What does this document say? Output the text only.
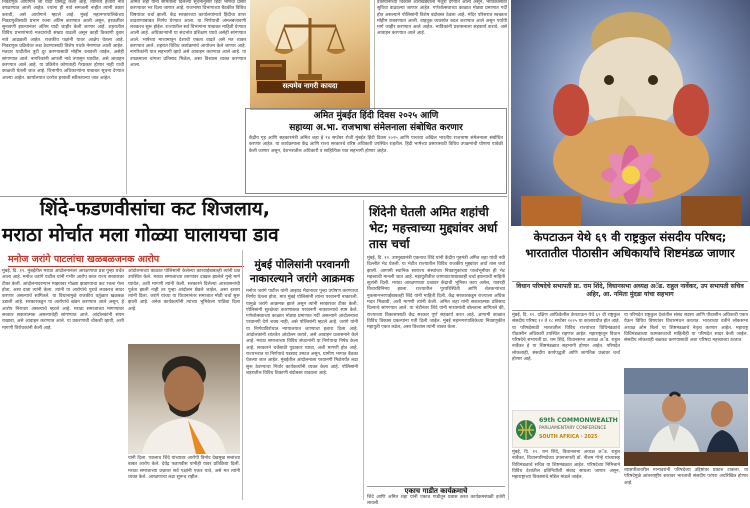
निवडणूक आयोगाने जी यादी प्रसिद्ध केली आहे, त्यामध्ये हजारो नावे वगळण्यात आली आहेत. ज्यांना ही नावे समजली नाहीत त्यांनी तक्रार करावी, असे आयोगाने म्हटले आहे. मुंबई महानगरपालिकेच्या निवडणुकीसाठी प्रभाग रचना अंतिम करण्यात आली असून, हरकतींवर सुनावणी झाल्यानंतर अंतिम यादी जाहीर केली जाणार आहे. शहरातील विविध प्रभागांमध्ये मतदारांची संख्या वाढली असून काही ठिकाणी दुबार नावे आढळली आहेत. राजकीय पक्षांनी यावर आक्षेप घेतला आहे. निवडणूक प्रक्रियेवर लक्ष ठेवण्यासाठी विशेष पथके नेमण्यात आली आहेत. मतदार यादीतील त्रुटी दूर करण्यासाठी मोहीम राबवली जाईल, असेही सांगण्यात आले. नागरिकांनी आपली नावे तपासून घ्यावीत, असे आवाहन करण्यात आले आहे. या प्रक्रियेत कोणताही गैरप्रकार होणार नाही याची काळजी घेतली जात आहे. विभागीय अधिकाऱ्यांना याबाबत सूचना देण्यात आल्या आहेत. कार्यालयात दररोज हरकती स्वीकारल्या जात आहेत.
अमित शहा यांनी समितीला दिलेल्या सूचनांनुसार हिंदी भाषेचा प्रसार करण्यावर भर दिला जाणार आहे. राजभाषा विभागाच्या बैठकीत विविध विषयांवर चर्चा झाली. केंद्र सरकारच्या कार्यालयांमध्ये हिंदीचा वापर वाढवण्याबाबत निर्णय घेण्यात आला. या निर्णयाची अंमलबजावणी लवकरच सुरू होईल. राज्यातील सर्व विभागांना याबाबत माहिती देण्यात आली आहे. अधिकाऱ्यांनी या संदर्भात प्रशिक्षण घ्यावे असेही सांगण्यात आले. भाषेच्या माध्यमातून देशाची एकता वाढते असे मत व्यक्त करण्यात आले. शहरात विविध कार्यक्रमांचे आयोजन केले जाणार आहे. नागरिकांनी यात सहभागी व्हावे असे आवाहन करण्यात आले आहे. या उपक्रमाला चांगला प्रतिसाद मिळेल, असा विश्वास व्यक्त करण्यात आला.
सत्यमेव नागरी कायदा
देवस्थानाच्या विकास आराखड्याला मंजुरी देण्यात आली असून, भाविकांसाठी सुविधा वाढवल्या जाणार आहेत. गणेशोत्सवाच्या काळात मोठ्या प्रमाणात गर्दी होत असल्याने पोलिसांनी विशेष बंदोबस्त ठेवला आहे. मंदिर परिसरात स्वच्छता मोहीम राबवण्यात आली. वाहतूक व्यवस्थेत बदल करण्यात आले असून पर्यायी मार्ग जाहीर करण्यात आले आहेत. भाविकांनी प्रशासनाला सहकार्य करावे, असे आवाहन करण्यात आले आहे.
अमित मुंबईत हिंदी दिवस २०२५ आणि
सहाय्या अ.भा. राजभाषा संमेलनाला संबोधित करणार
केंद्रीय गृह आणि सहकारमंत्री अमित शहा हे १४ सप्टेंबर रोजी मुंबईत हिंदी दिवस २०२५ आणि पाचव्या अखिल भारतीय राजभाषा संमेलनाला संबोधित करणार आहेत. या कार्यक्रमाला केंद्र आणि राज्य सरकारचे वरिष्ठ अधिकारी उपस्थित राहतील. हिंदी भाषेच्या प्रसारासाठी विविध उपक्रमांची घोषणा यावेळी केली जाणार असून, देशभरातील अधिकारी व साहित्यिक यात सहभागी होणार आहेत.
शिंदे-फडणवीसांचा कट शिजलाय,
मराठा मोर्चात मला गोळ्या घालायचा डाव
मनोज जरांगे पाटलांचा खळबळजनक आरोप
मुंबई, दि. १२. मुंबईतील मराठा आंदोलनानंतर आरक्षणाचा प्रश्न पुन्हा चर्चेत आला आहे. मनोज जरांगे पाटील यांनी गंभीर आरोप करत राज्य सरकारवर टीका केली. आंदोलनादरम्यान माझ्यावर गोळ्या झाडण्याचा कट रचला गेला होता, असा दावा त्यांनी केला. त्यांनी या आरोपांचे पुरावे लवकरच सादर करणार असल्याचे सांगितले. या विधानामुळे राजकीय वर्तुळात खळबळ उडाली आहे. सरकारकडून या आरोपांचे खंडन करण्यात आले असून, हे आरोप निराधार असल्याचे म्हटले आहे. मराठा समाजाच्या मागण्यांवर सरकार सकारात्मक असल्याचेही सांगण्यात आले. आंदोलकांनी संयम राखावा, असे आवाहन करण्यात आले. या प्रकरणाची चौकशी व्हावी, अशी मागणी विरोधकांनी केली आहे.
आंदोलनाच्या काळात पोलिसांनी केलेल्या कारवाईबाबतही त्यांनी प्रश्न उपस्थित केले. मराठा समाजाच्या तरुणांवर दाखल झालेले गुन्हे मागे घ्यावेत, अशी मागणी त्यांनी केली. सरकारने दिलेल्या आश्वासनांची पूर्तता झाली नाही तर पुन्हा आंदोलन छेडले जाईल, असा इशारा त्यांनी दिला. जरांगे यांच्या या विधानानंतर समाजात मोठी चर्चा सुरू झाली आहे. अनेक कार्यकर्त्यांनी त्यांच्या भूमिकेला पाठिंबा दिला आहे.
यांनी दिला. एकनाथ शिंदे यांच्यावर आरोपी विनोद देखमुख सत्तांच्या बाबत आरोप केले. देवेंद्र फडणवीस यांनीही यावर प्रतिक्रिया दिली. मराठा समाजाच्या प्रश्नावर सर्व पक्षांनी एकत्र यावे, असे मत त्यांनी व्यक्त केले. आरक्षणाचा लढा सुरूच राहील.
मुंबई पोलिसांनी परवानगी
नाकारल्याने जरांगे आक्रमक
मनोज जरांगे पाटील यांनी आझाद मैदानावर पुन्हा उपोषण करण्याचा निर्णय घेतला होता, मात्र मुंबई पोलिसांनी त्यांना परवानगी नाकारली. यामुळे जरांगे आक्रमक झाले असून त्यांनी सरकारवर टीका केली. पोलिसांनी सुरक्षेच्या कारणास्तव परवानगी नाकारल्याचे स्पष्ट केले. गणेशोत्सवाच्या काळात मोठ्या प्रमाणात गर्दी असल्याने आंदोलनाला परवानगी देणे शक्य नाही, असे पोलिसांनी म्हटले आहे. जरांगे यांनी या निर्णयाविरोधात न्यायालयात जाण्याचा इशारा दिला आहे. आंदोलकांनी शांततेत आंदोलन करावे, असे आवाहन प्रशासनाने केले आहे. मराठा समाजाच्या विविध संघटनांनी या निर्णयाचा निषेध केला आहे. सरकारने चर्चेसाठी पुढाकार घ्यावा, अशी मागणी होत आहे. राज्यभरात या निर्णयाचे पडसाद उमटत असून, ग्रामीण भागात बैठका घेतल्या जात आहेत. मुंबईतील आंदोलनाला परवानगी मिळेपर्यंत लढा सुरू ठेवण्याचा निर्धार कार्यकर्त्यांनी व्यक्त केला आहे. पोलिसांनी शहरातील विविध ठिकाणी बंदोबस्त वाढवला आहे.
शिंदेनी घेतली अमित शहांची भेट; महत्त्वाच्या मुद्द्यांवर अर्धा तास चर्चा
मुंबई, दि. १२. उपमुख्यमंत्री एकनाथ शिंदे यांनी केंद्रीय गृहमंत्री अमित शहा यांची नवी दिल्लीत भेट घेतली. या भेटीत राज्यातील विविध राजकीय मुद्द्यांवर अर्धा तास चर्चा झाली. आगामी स्थानिक स्वराज्य संस्थांच्या निवडणुकांच्या पार्श्वभूमीवर ही भेट महत्त्वाची मानली जात आहे. महायुतीतील जागावाटपाबाबतही चर्चा झाल्याची माहिती सूत्रांनी दिली. मराठा आरक्षणाच्या प्रश्नावर केंद्राची भूमिका काय असेल, यावरही विचारविनिमय झाला. राज्यातील पूरपरिस्थिती आणि शेतकऱ्यांच्या नुकसानभरपाईबाबतही शिंदे यांनी माहिती दिली. केंद्र सरकारकडून राज्याला अधिक मदत मिळावी, अशी मागणी त्यांनी केली. अमित शहा यांनी सकारात्मक प्रतिसाद दिल्याचे सांगण्यात आले. या भेटीनंतर शिंदे यांनी माध्यमांशी बोलताना सांगितले की, राज्याच्या विकासासाठी केंद्र सरकार पूर्ण सहकार्य करत आहे. आगामी काळात विविध विकास प्रकल्पांना गती दिली जाईल. मुंबई महानगरपालिकेच्या निवडणुकीत महायुती एकत्र लढेल, असा विश्वास त्यांनी व्यक्त केला.
एकाच गाडीत कार्यक्रमाचे
शिंदे आणि अमित शहा यांनी एकाच गाडीतून प्रवास करत कार्यक्रमस्थळी हजेरी लावली.
केपटाऊन येथे ६९ वी राष्ट्रकुल संसदीय परिषद; भारतातील पीठासीन अधिकार्यांचे शिष्टमंडळ जाणार
विधान परिषदेचे सभापती प्रा. राम शिंदे, विधानसभा अध्यक्ष अॅड. राहुल नार्वेकर, उप सभापती सचिव अहिर, आ. नमिता मुंदडा यांचा सहभाग
मुंबई, दि. १२. दक्षिण आफ्रिकेतील केपटाऊन येथे ६९ वी राष्ट्रकुल संसदीय परिषद १२ ते १८ सप्टेंबर २०२५ या कालावधीत होत आहे. या परिषदेसाठी भारतातील विविध राज्यांच्या विधिमंडळांचे पीठासीन अधिकारी उपस्थित राहणार आहेत. महाराष्ट्रातून विधान परिषदेचे सभापती प्रा. राम शिंदे, विधानसभा अध्यक्ष अॅड. राहुल नार्वेकर हे या शिष्टमंडळात सहभागी होणार आहेत. परिषदेत लोकशाही, संसदीय कार्यपद्धती आणि जागतिक प्रश्नांवर चर्चा होणार आहे.
या परिषदेत राष्ट्रकुल देशांतील संसद सदस्य आणि पीठासीन अधिकारी एकत्र येऊन विविध विषयांवर विचारमंथन करतात. भारताच्या वतीने लोकसभा अध्यक्ष ओम बिर्ला या शिष्टमंडळाचे नेतृत्व करणार आहेत. महाराष्ट्र विधिमंडळाच्या कामकाजाची माहितीही या परिषदेत सादर केली जाईल. संसदीय लोकशाही बळकट करण्यासाठी अशा परिषदा महत्त्वाच्या ठरतात.
69th COMMONWEALTH
PARLIAMENTARY CONFERENCE
SOUTH AFRICA · 2025
मुंबई, दि. १२. राम शिंदे, विधानसभा अध्यक्ष अॅड. राहुल नार्वेकर, विधानपरिषदेच्या उपसभापती डॉ. नीलम गोऱ्हे यांच्यासह विधिमंडळाचे सचिव या शिष्टमंडळात आहेत. परिषदेच्या निमित्ताने विविध देशांतील प्रतिनिधींशी संवाद साधला जाणार असून, महाराष्ट्राच्या विकासाचे मॉडेल मांडले जाईल.
व्यासपीठावरील मान्यवरांनी परिषदेच्या उद्दिष्टांवर प्रकाश टाकला. या परिषदेमुळे आंतरराष्ट्रीय स्तरावर भारताची संसदीय परंपरा अधोरेखित होणार आहे.
